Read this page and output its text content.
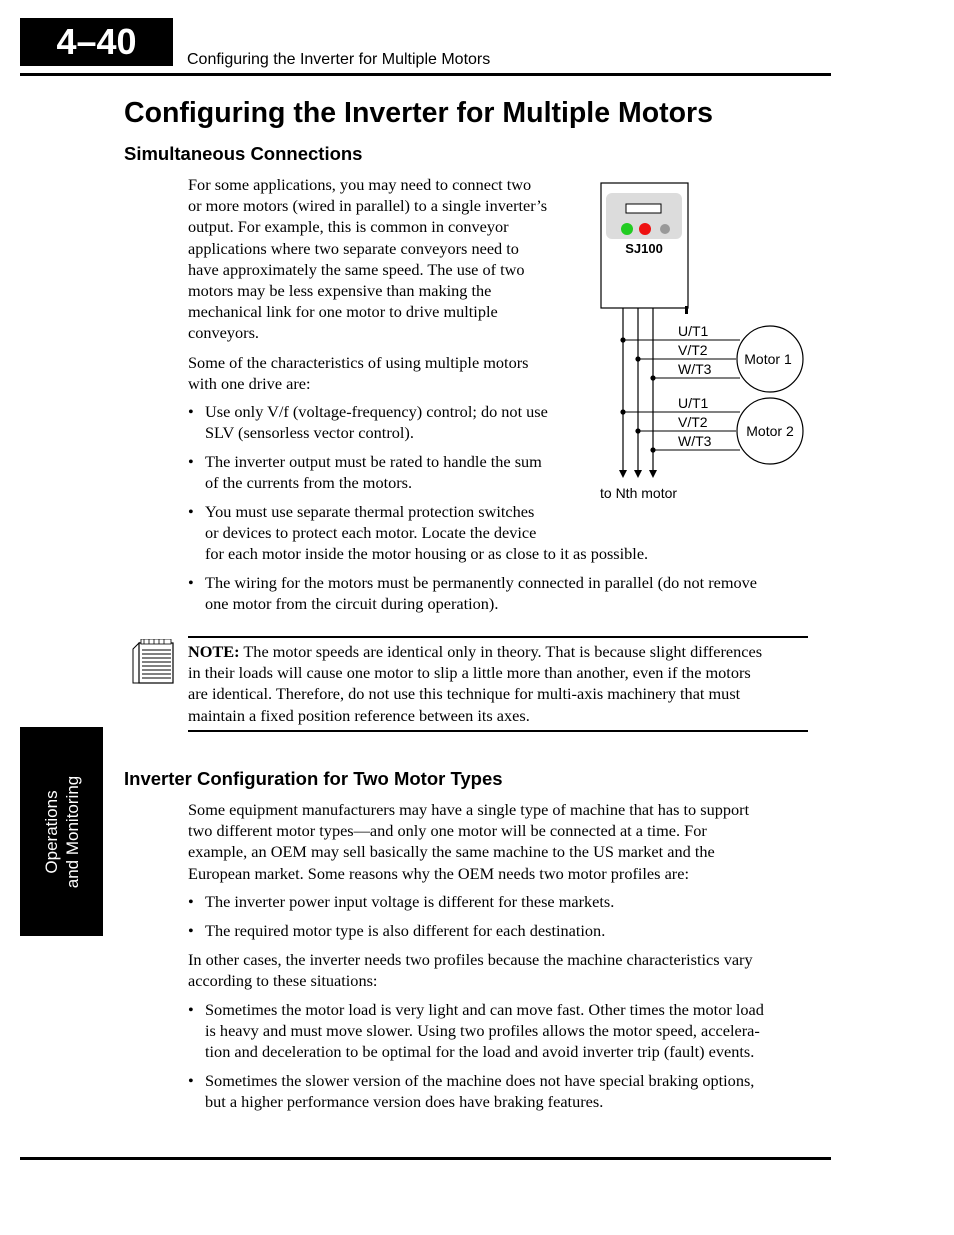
4–40	Configuring the Inverter for Multiple Motors
Configuring the Inverter for Multiple Motors
Simultaneous Connections
For some applications, you may need to connect two
or more motors (wired in parallel) to a single inverter’s
output. For example, this is common in conveyor
applications where two separate conveyors need to
have approximately the same speed. The use of two
motors may be less expensive than making the
mechanical link for one motor to drive multiple
conveyors.
Some of the characteristics of using multiple motors
with one drive are:
• Use only V/f (voltage-frequency) control; do not use
SLV (sensorless vector control).
• The inverter output must be rated to handle the sum
of the currents from the motors.
• You must use separate thermal protection switches
or devices to protect each motor. Locate the device
for each motor inside the motor housing or as close to it as possible.
• The wiring for the motors must be permanently connected in parallel (do not remove
one motor from the circuit during operation).
SJ100
U/T1
V/T2
W/T3
Motor 1
U/T1
V/T2
W/T3
Motor 2
to Nth motor
NOTE: The motor speeds are identical only in theory. That is because slight differences
in their loads will cause one motor to slip a little more than another, even if the motors
are identical. Therefore, do not use this technique for multi-axis machinery that must
maintain a fixed position reference between its axes.
Operations and Monitoring Inverter Configuration for Two Motor Types
Some equipment manufacturers may have a single type of machine that has to support
two different motor types—and only one motor will be connected at a time. For
example, an OEM may sell basically the same machine to the US market and the
European market. Some reasons why the OEM needs two motor profiles are:
• The inverter power input voltage is different for these markets.
• The required motor type is also different for each destination.
In other cases, the inverter needs two profiles because the machine characteristics vary
according to these situations:
• Sometimes the motor load is very light and can move fast. Other times the motor load
is heavy and must move slower. Using two profiles allows the motor speed, accelera-
tion and deceleration to be optimal for the load and avoid inverter trip (fault) events.
• Sometimes the slower version of the machine does not have special braking options,
but a higher performance version does have braking features.
